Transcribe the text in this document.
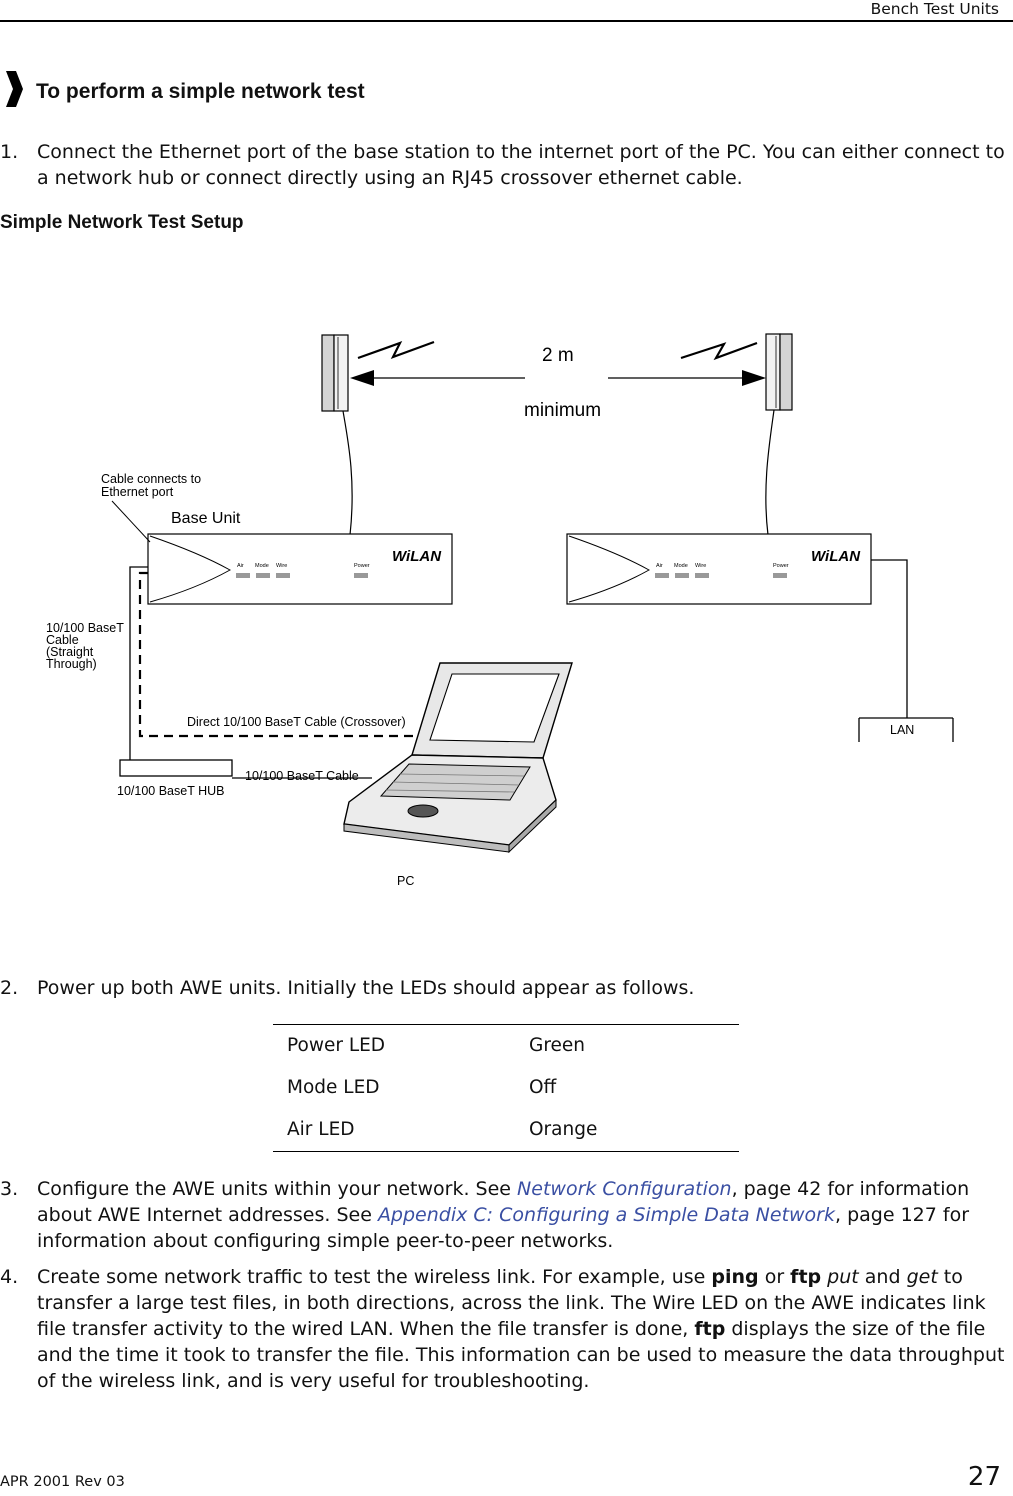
Bench Test Units
To perform a simple network test
1. Connect the Ethernet port of the base station to the internet port of the PC. You can either connect to a network hub or connect directly using an RJ45 crossover ethernet cable.
Simple Network Test Setup
2 m
minimum
Air Mode Wire	Power
WiLAN
Air Mode Wire	Power
WiLAN
Cable connects to
Ethernet port
Base Unit
10/100 BaseT
Cable
(Straight
Through)
Direct 10/100 BaseT Cable (Crossover)
10/100 BaseT HUB
10/100 BaseT Cable
PC
LAN
2. Power up both AWE units. Initially the LEDs should appear as follows.
Power LED	Green
Mode LED	Off
Air LED	Orange
3. Configure the AWE units within your network. See Network Configuration, page 42 for information about AWE Internet addresses. See Appendix C: Configuring a Simple Data Network, page 127 for information about configuring simple peer-to-peer networks.
4. Create some network traffic to test the wireless link. For example, use ping or ftp put and get to transfer a large test files, in both directions, across the link. The Wire LED on the AWE indicates link file transfer activity to the wired LAN. When the file transfer is done, ftp displays the size of the file and the time it took to transfer the file. This information can be used to measure the data throughput of the wireless link, and is very useful for troubleshooting.
APR 2001 Rev 03	27
